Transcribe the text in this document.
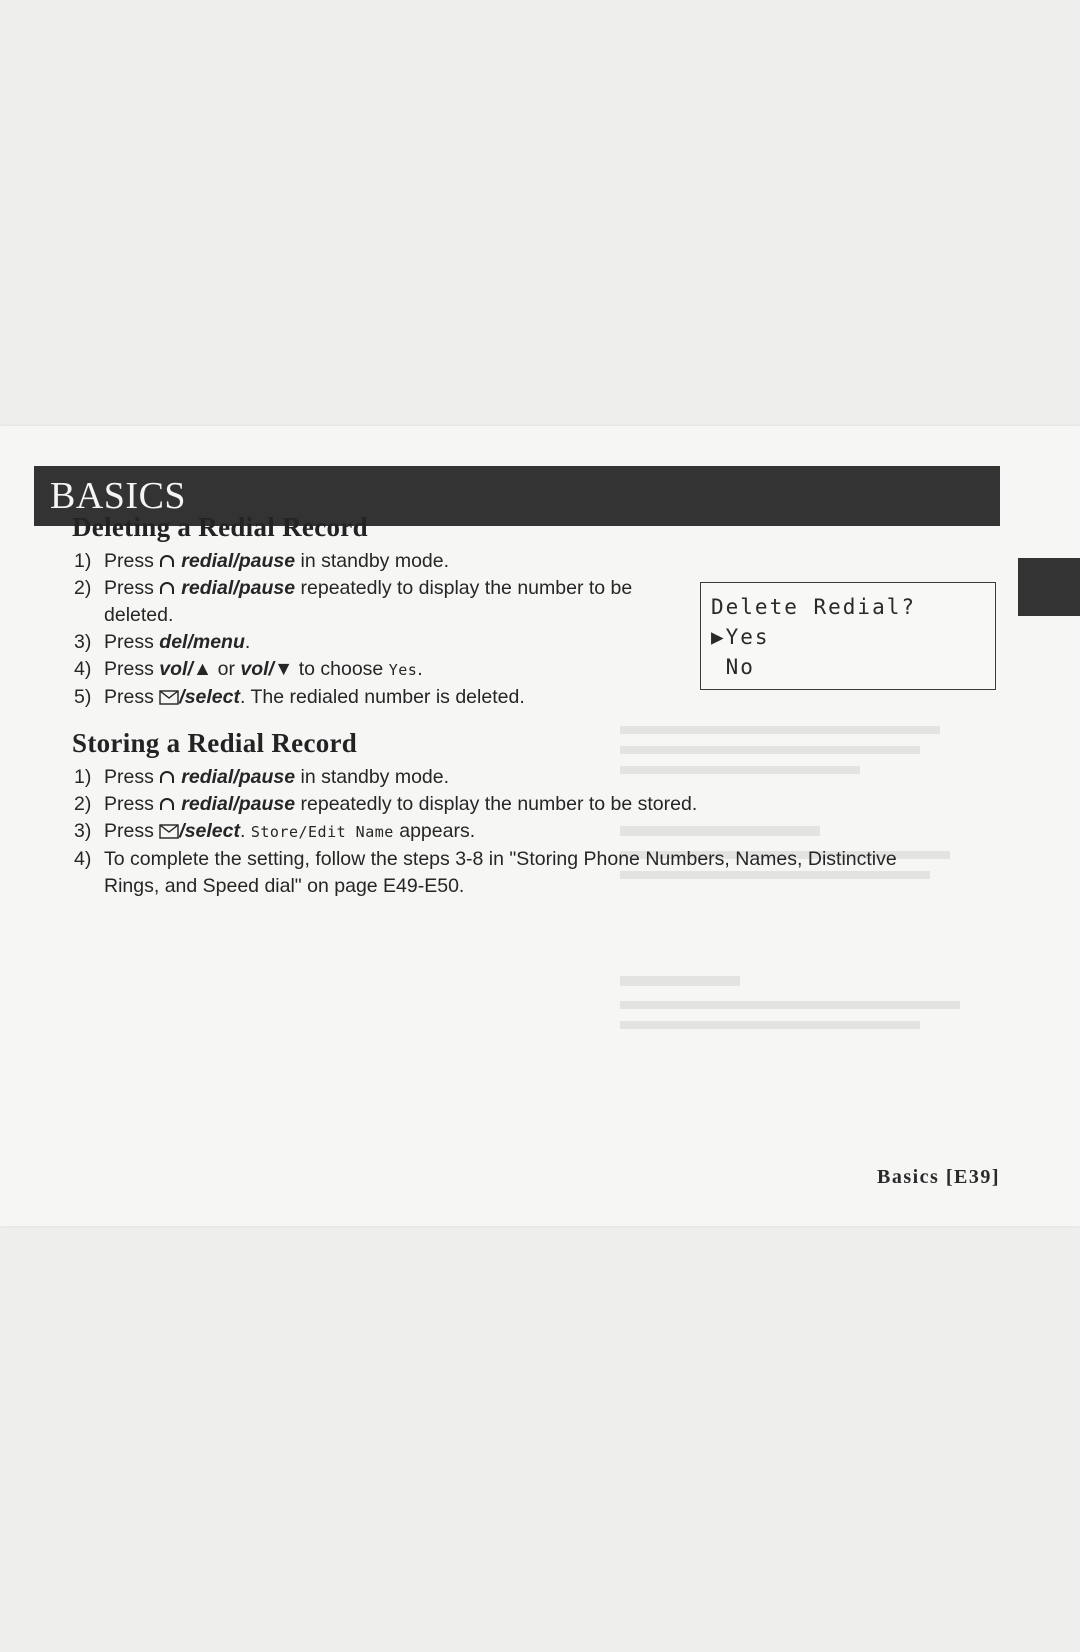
BASICS
Deleting a Redial Record
1) Press redial/pause in standby mode.
2) Press redial/pause repeatedly to display the number to be deleted.
3) Press del/menu.
4) Press vol/▲ or vol/▼ to choose Yes.
5) Press /select. The redialed number is deleted.
Delete Redial?
▶Yes
No
Storing a Redial Record
1) Press redial/pause in standby mode.
2) Press redial/pause repeatedly to display the number to be stored.
3) Press /select. Store/Edit Name appears.
4) To complete the setting, follow the steps 3-8 in "Storing Phone Numbers, Names, Distinctive Rings, and Speed dial" on page E49-E50.
Basics [E39]
